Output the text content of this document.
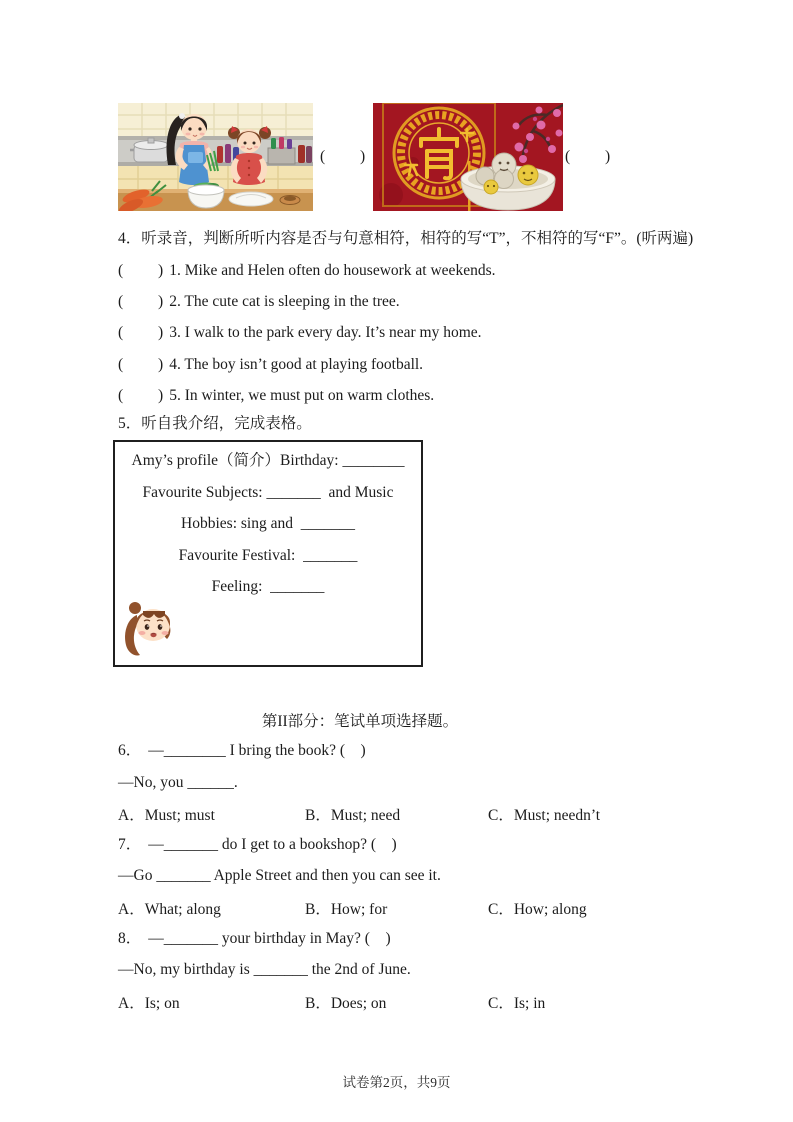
(         )	(         )
4．听录音，判断所听内容是否与句意相符，相符的写“T”，不相符的写“F”。(听两遍)
(         ) 1. Mike and Helen often do housework at weekends.
(         ) 2. The cute cat is sleeping in the tree.
(         ) 3. I walk to the park every day. It’s near my home.
(         ) 4. The boy isn’t good at playing football.
(         ) 5. In winter, we must put on warm clothes.
5．听自我介绍，完成表格。
Amy’s profile（简介）Birthday: ________
Favourite Subjects: _______  and Music
Hobbies: sing and  _______
Favourite Festival:  _______
Feeling:  _______
第II部分：笔试单项选择题。
6． —________ I bring the book? (    )
—No, you ______.
A．Must; must	B．Must; need	C．Must; needn’t
7． —_______ do I get to a bookshop? (    )
—Go _______ Apple Street and then you can see it.
A．What; along	B．How; for	C．How; along
8． —_______ your birthday in May? (    )
—No, my birthday is _______ the 2nd of June.
A．Is; on	B．Does; on	C．Is; in
试卷第2页，共9页
